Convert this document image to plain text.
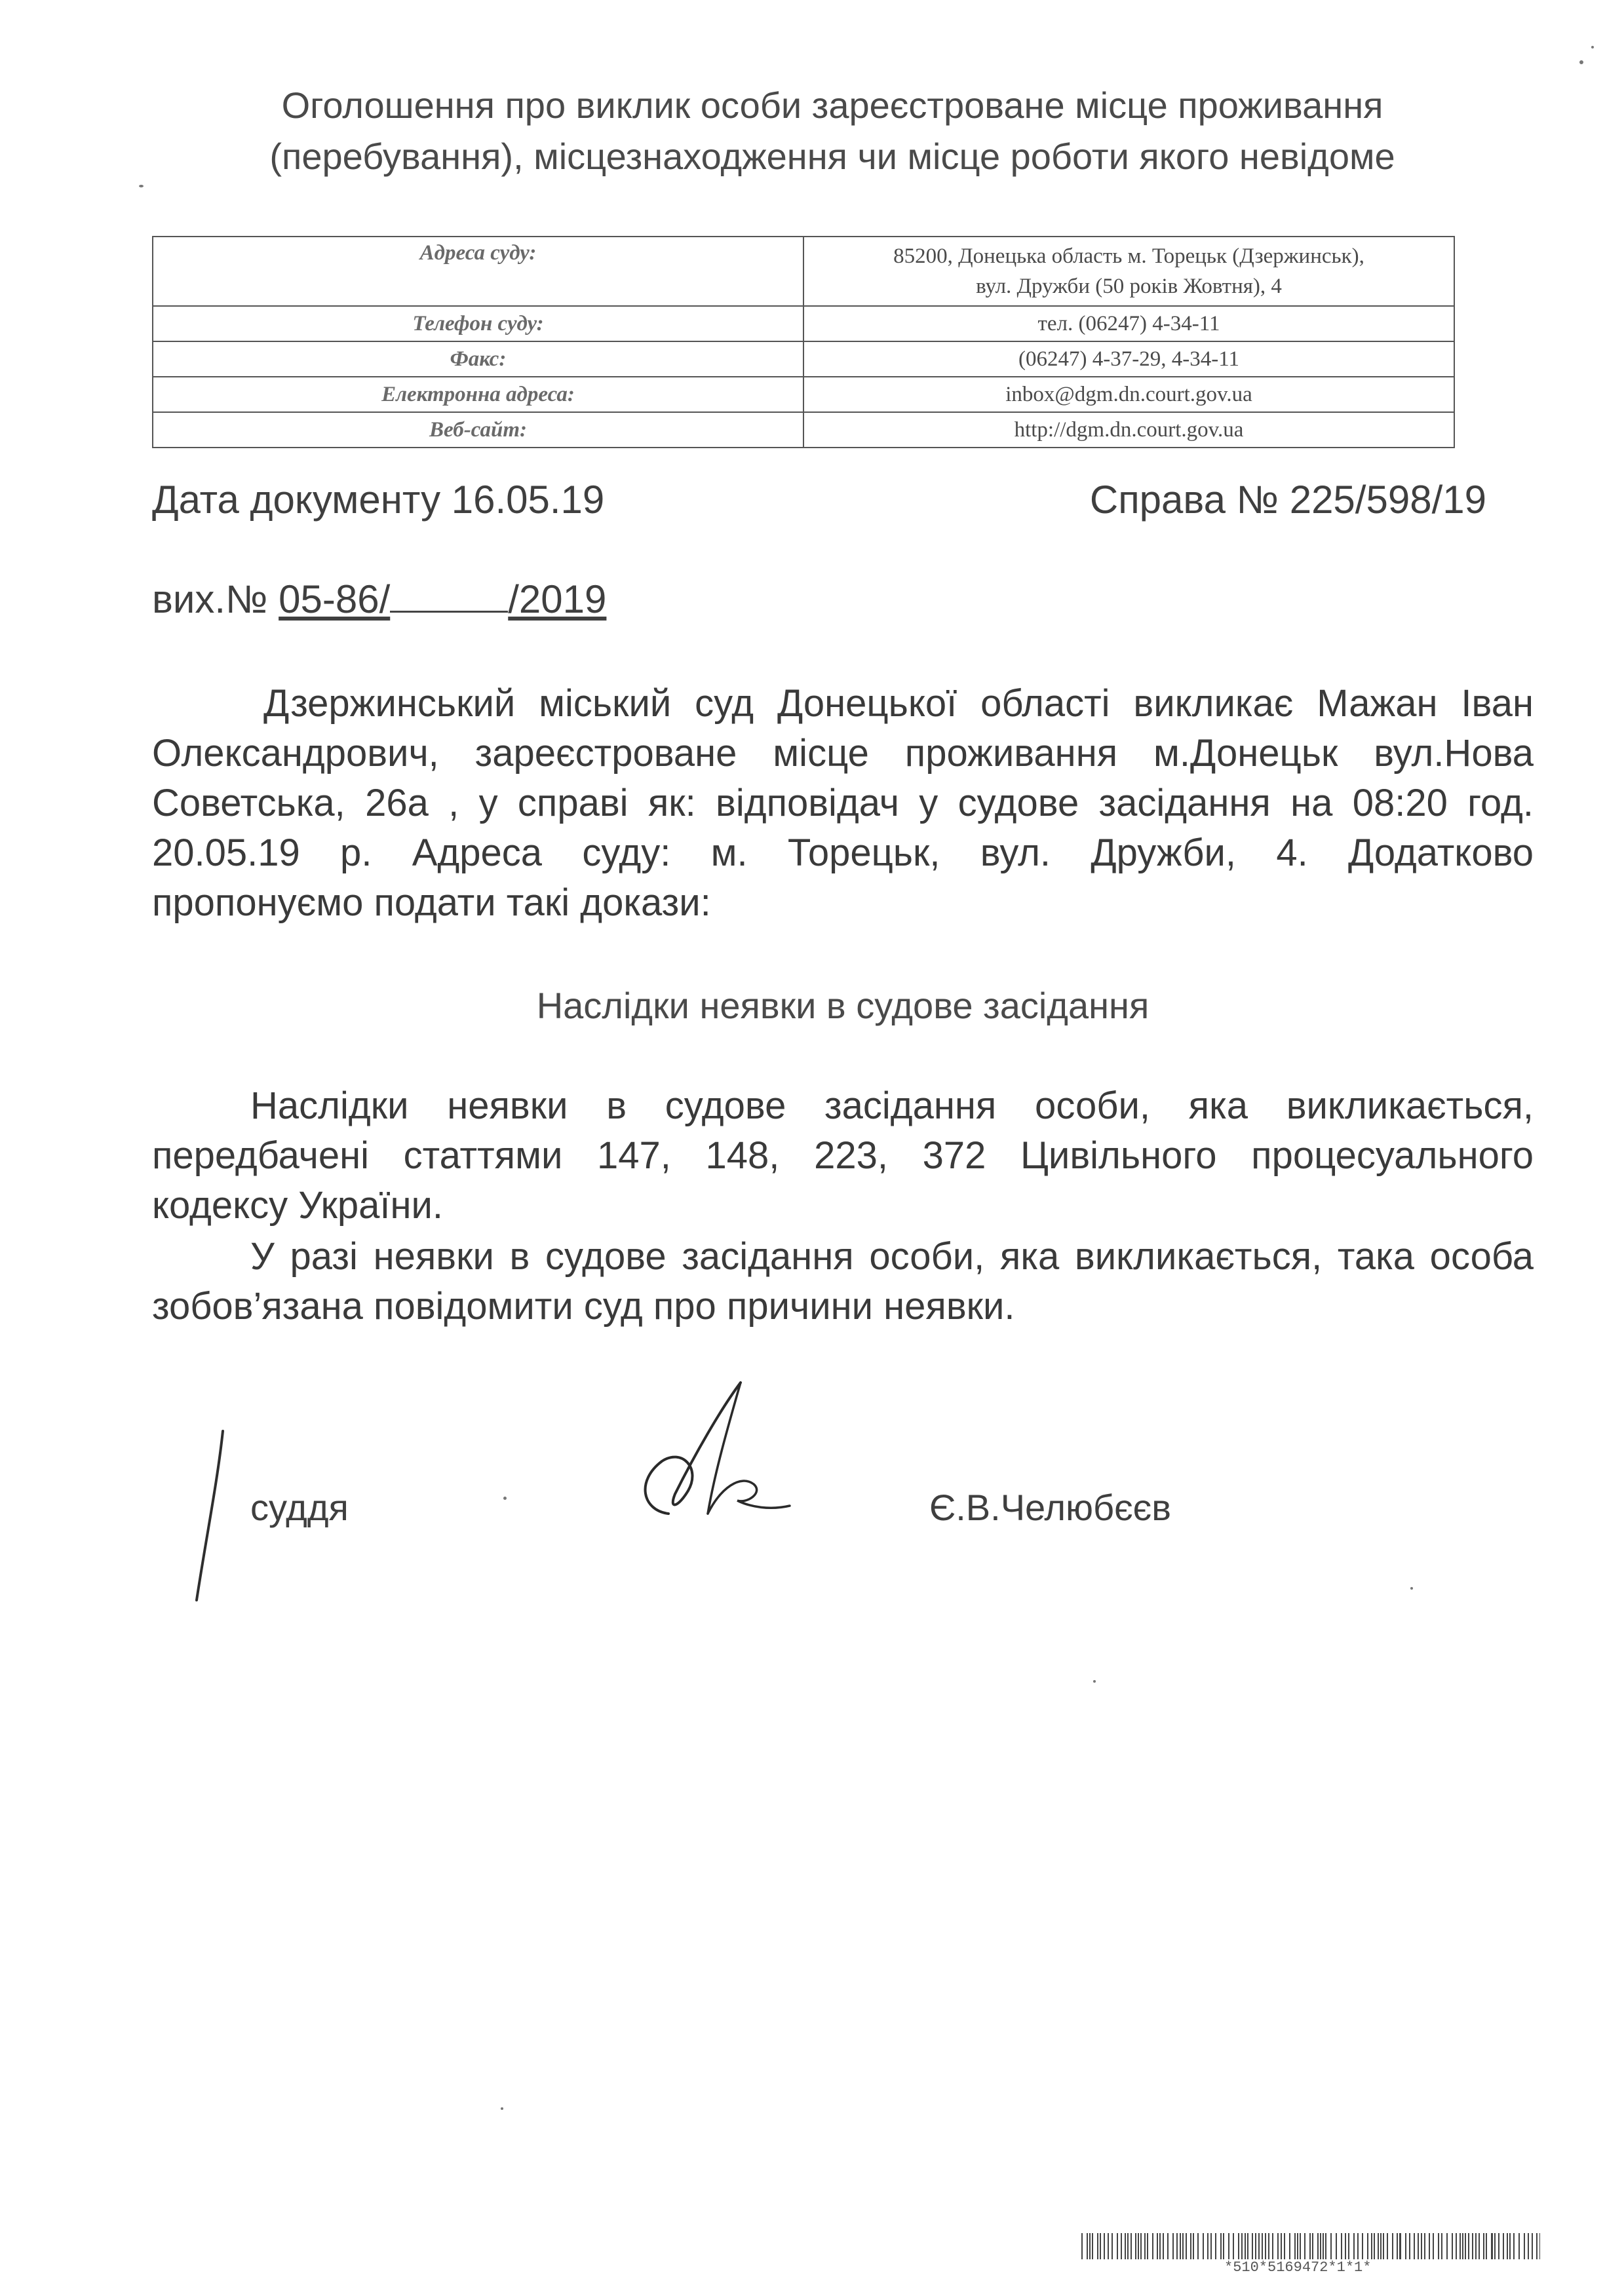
Оголошення про виклик особи зареєстроване місце проживання
(перебування), місцезнаходження чи місце роботи якого невідоме
Адреса суду:	85200, Донецька область м. Торецьк (Дзержинськ),
вул. Дружби (50 років Жовтня), 4

Телефон суду:	тел. (06247) 4-34-11
Факс:	(06247) 4-37-29, 4-34-11
Електронна адреса:	inbox@dgm.dn.court.gov.ua
Веб-сайт:	http://dgm.dn.court.gov.ua
Дата документу 16.05.19	Справа № 225/598/19
вих.№ 05-86/	/2019
Дзержинський міський суд Донецької області викликає Мажан Іван
Олександрович, зареєстроване місце проживання м.Донецьк вул.Нова
Советська, 26а , у справі як: відповідач у судове засідання на 08:20 год.
20.05.19 р. Адреса суду: м. Торецьк, вул. Дружби, 4. Додатково
пропонуємо подати такі докази:
Наслідки неявки в судове засідання
Наслідки неявки в судове засідання особи, яка викликається,
передбачені статтями 147, 148, 223, 372 Цивільного процесуального
кодексу України.
У разі неявки в судове засідання особи, яка викликається, така особа
зобов’язана повідомити суд про причини неявки.
суддя	Є.В.Челюбєєв
*510*5169472*1*1*
